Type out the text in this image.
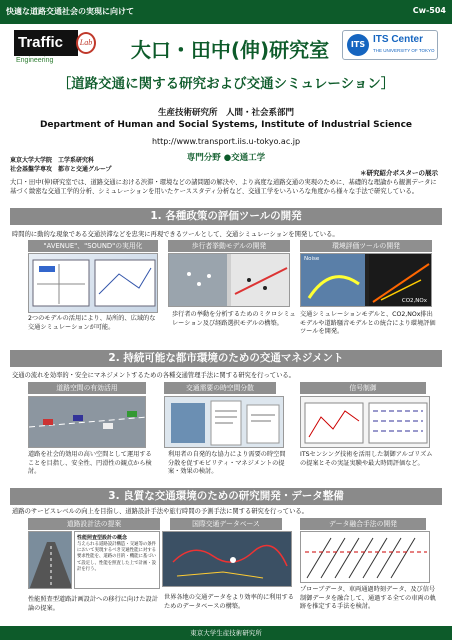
快適な道路交通社会の実現に向けて	Cw-504
Traffic	Lab
Engineering	大口・田中(伸)研究室	ITS ITS Center
THE UNIVERSITY OF TOKYO
［道路交通に関する研究および交通シミュレーション］
生産技術研究所　人間・社会系部門
Department of Human and Social Systems, Institute of Industrial Science
http://www.transport.iis.u-tokyo.ac.jp
専門分野 ●交通工学
東京大学大学院　工学系研究科
社会基盤学専攻　都市と交通グループ	＊研究紹介ポスターの展示
大口・田中(伸)研究室では、道路交通における渋滞・環境などの諸問題の解決や、より高度な道路交通の実現のために、基礎的な理論から観測データに基づく緻密な交通工学的分析、シミュレーションを用いたケーススタディ分析など、交通工学をいろいろな角度から様々な手法で研究している。
1. 各種政策の評価ツールの開発
時間的に動的な現象である交通渋滞などを忠実に再現できるツールとして、交通シミュレーションを開発している。
"AVENUE"、"SOUND"の実用化
2つのモデルの活用により、局所的、広域的な交通シミュレーションが可能。
歩行者挙動モデルの開発
歩行者の挙動を分析するためのミクロシミュレーション及び経路選択モデルの構築。
環境評価ツールの開発
Noise
CO2,NOx
交通シミュレーションモデルと、CO2,NOx排出モデルや道路騒音モデルとの統合により環境評価ツールを開発。
2. 持続可能な都市環境のための交通マネジメント
交通の流れを効率的・安全にマネジメントするための各種交通管理手法に関する研究を行っている。
道路空間の有効活用
道路を社会的効用の高い空間として運用することを目指し、安全性、円滑性の観点から検討。
交通需要の時空間分散
利用者の自発的な協力により需要の時空間分散を促すモビリティ・マネジメントの提案・効果の検討。
信号制御
ITSセンシング技術を活用した制御アルゴリズムの提案とその実証実験や最大時間評価など。
3. 良質な交通環境のための研究開発・データ整備
道路のサービスレベルの向上を目指し、道路設計手法や旅行時間の予測手法に関する研究を行っている。
道路設計法の提案
性能照査型設計の概念
与えられる道路設計構造・交通等の条件において実現するべき交通性能に対する要求性能を、道路の目的・機能に基づいて設定し、性能を照査した上で計画・設計を行う。
性能照査型道路計画設計への移行に向けた設計論の提案。
国際交通データベース
世界各地の交通データをより効率的に利用するためのデータベースの構築。
データ融合手法の開発
プローブデータ、車両通過時刻データ、及び信号制御データを融合して、通過する全ての車両の軌跡を推定する手法を検討。
東京大学生産技術研究所
